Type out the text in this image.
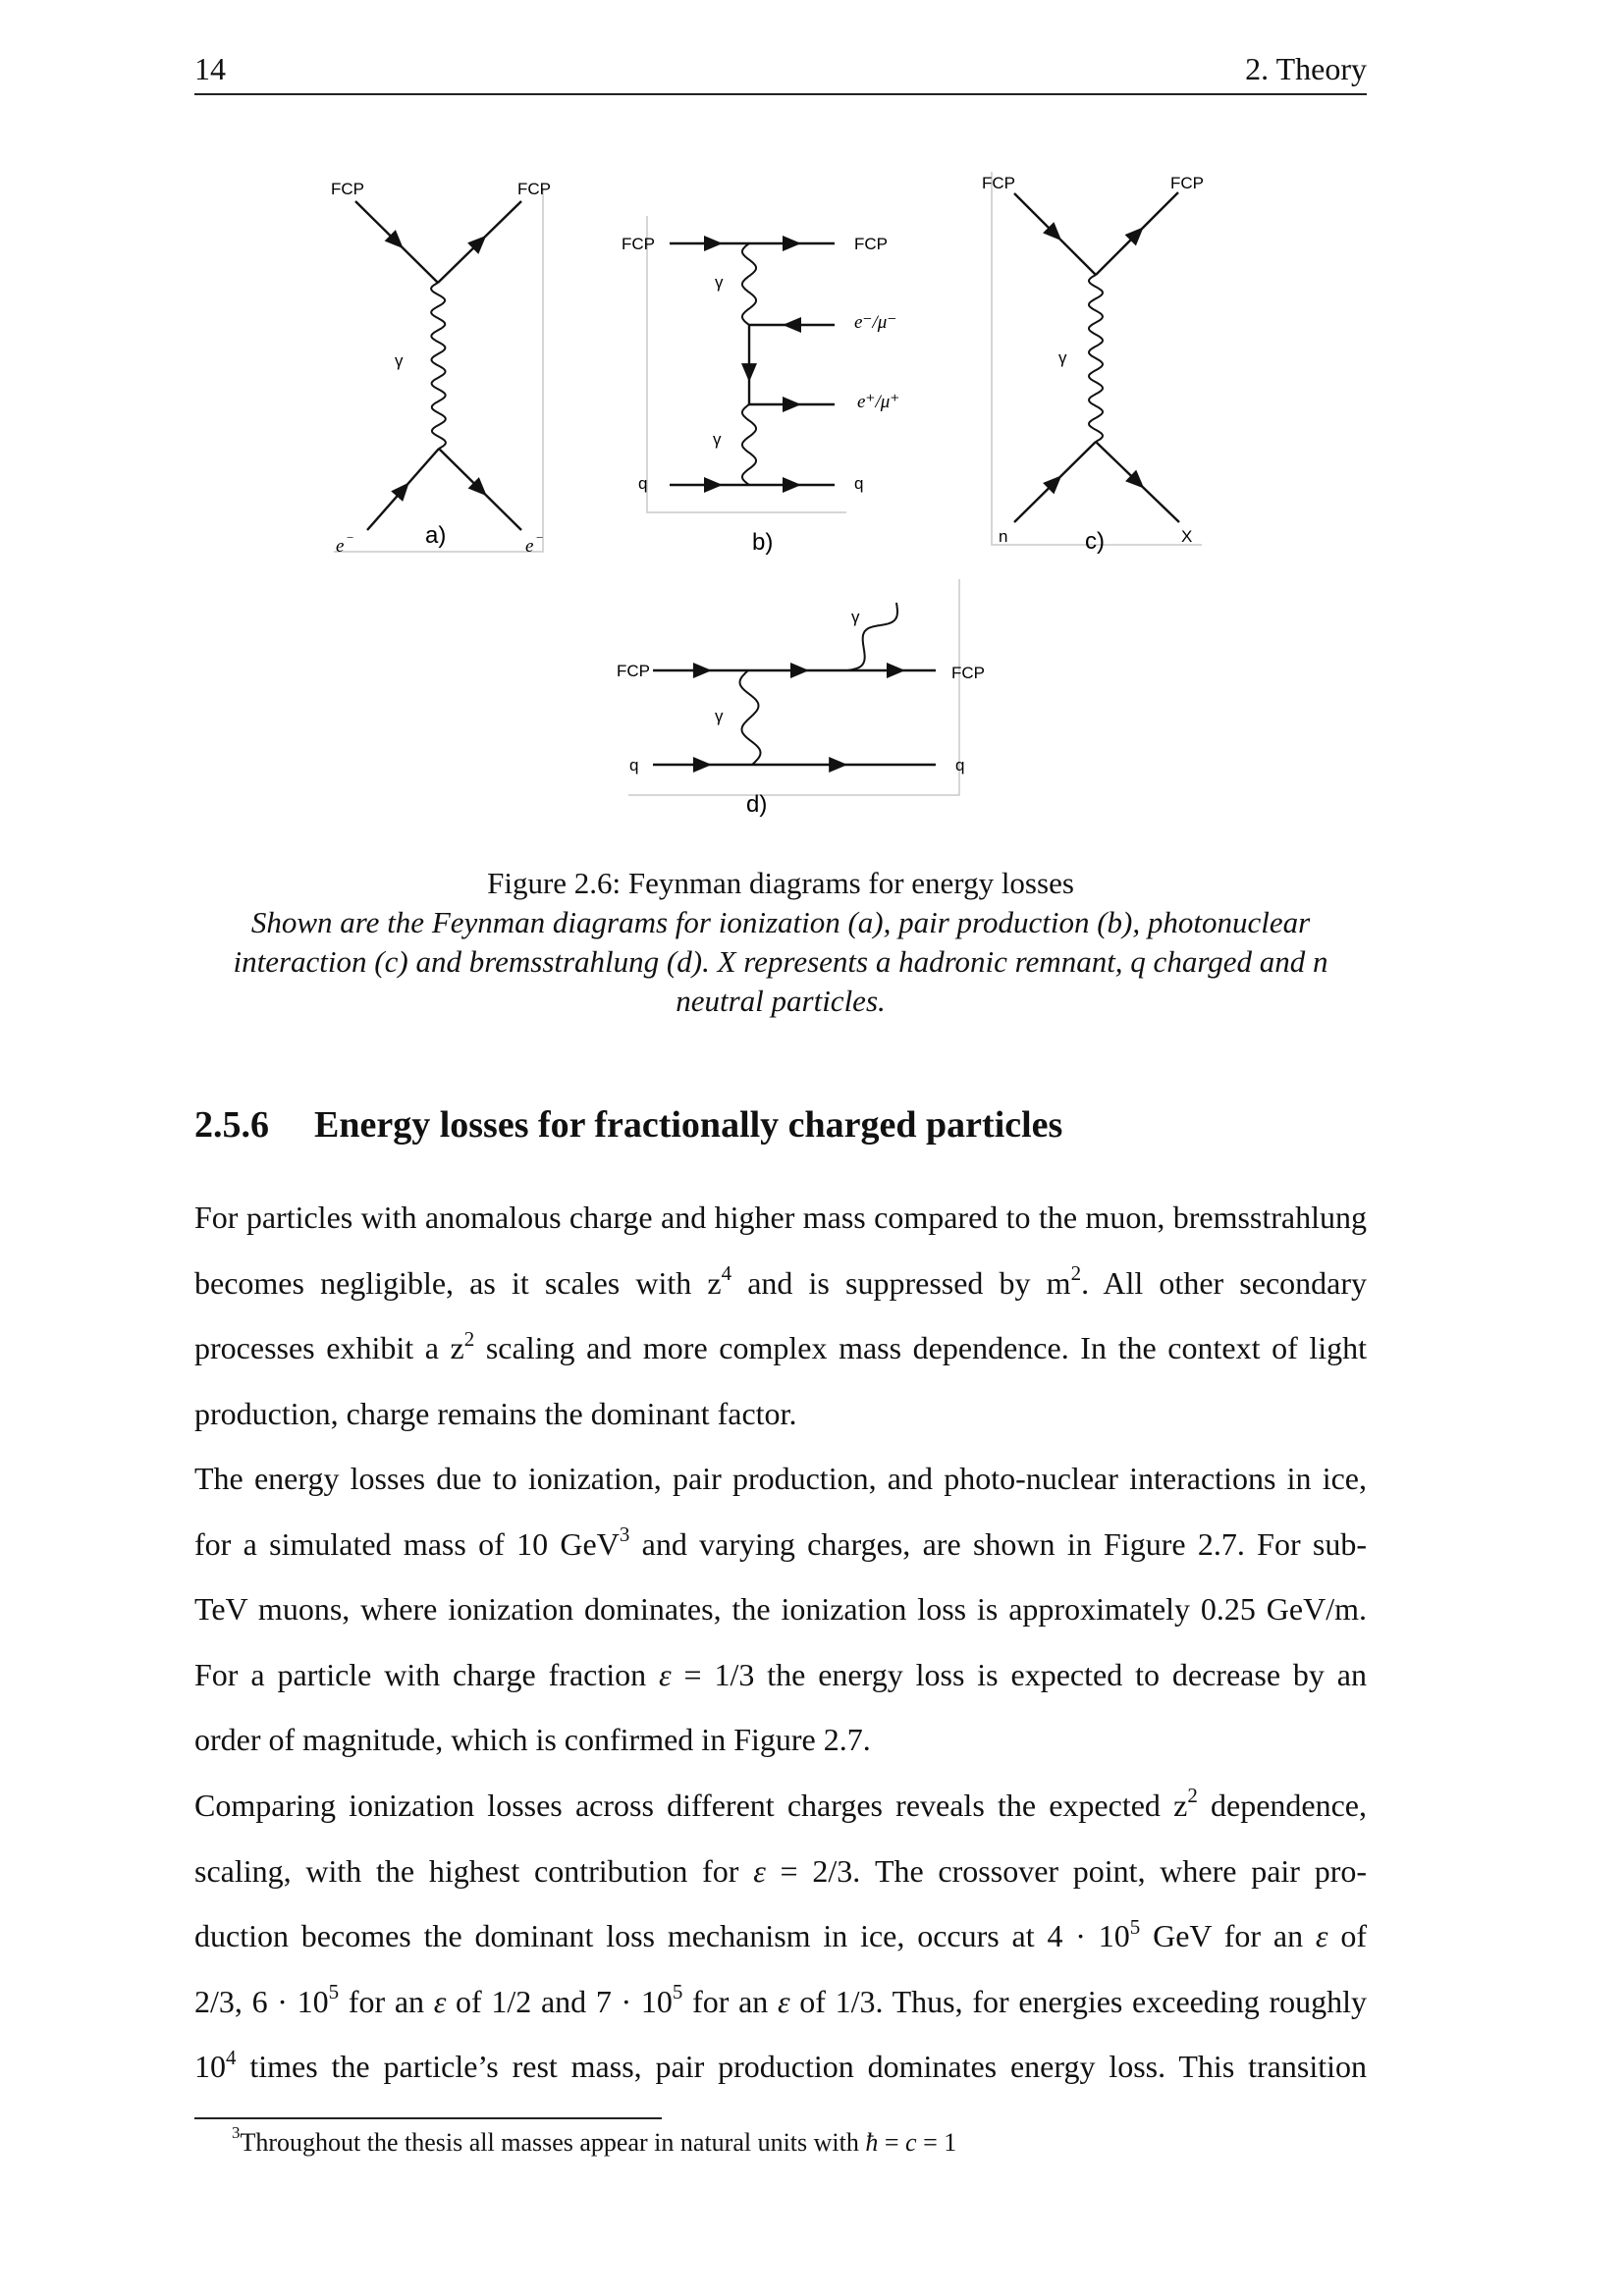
14	2. Theory
FCP	FCP
γ
e −	e −
a)
FCP	FCP
γ
e⁻/μ⁻
e⁺/μ⁺
γ
q	q
b)
FCP	FCP
γ
n	X
c)
FCP	FCP
γ
γ
q	q
d)
Figure 2.6: Feynman diagrams for energy losses
Shown are the Feynman diagrams for ionization (a), pair production (b), photonuclear interaction (c) and bremsstrahlung (d). X represents a hadronic remnant, q charged and n neutral particles.
2.5.6 Energy losses for fractionally charged particles
For particles with anomalous charge and higher mass compared to the muon, bremsstrahlung
becomes negligible, as it scales with $z^4$ and is suppressed by $m^2$. All other secondary
processes exhibit a $z^2$ scaling and more complex mass dependence. In the context of light
production, charge remains the dominant factor.
The energy losses due to ionization, pair production, and photo-nuclear interactions in ice,
for a simulated mass of 10 GeV$^3$ and varying charges, are shown in Figure 2.7. For sub-
TeV muons, where ionization dominates, the ionization loss is approximately 0.25 GeV/m.
For a particle with charge fraction ε = 1/3 the energy loss is expected to decrease by an
order of magnitude, which is confirmed in Figure 2.7.
Comparing ionization losses across different charges reveals the expected $z^2$ dependence,
scaling, with the highest contribution for ε = 2/3. The crossover point, where pair pro-
duction becomes the dominant loss mechanism in ice, occurs at $4 \cdot 10^5$ GeV for an ε of
2/3, $6 \cdot 10^5$ for an ε of 1/2 and $7 \cdot 10^5$ for an ε of 1/3. Thus, for energies exceeding roughly
$10^4$ times the particle’s rest mass, pair production dominates energy loss. This transition
$^3$Throughout the thesis all masses appear in natural units with ħ = c = 1
